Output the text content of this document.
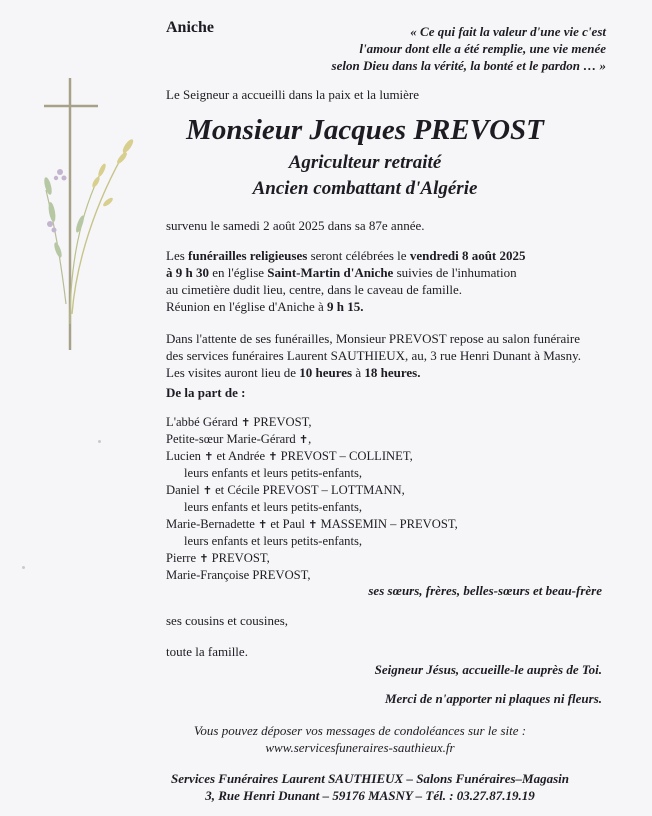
Aniche	« Ce qui fait la valeur d'une vie c'est
l'amour dont elle a été remplie, une vie menée
selon Dieu dans la vérité, la bonté et le pardon … »
Le Seigneur a accueilli dans la paix et la lumière
Monsieur Jacques PREVOST
Agriculteur retraité
Ancien combattant d'Algérie
survenu le samedi 2 août 2025 dans sa 87e année.
Les funérailles religieuses seront célébrées le vendredi 8 août 2025
à 9 h 30 en l'église Saint-Martin d'Aniche suivies de l'inhumation
au cimetière dudit lieu, centre, dans le caveau de famille.
Réunion en l'église d'Aniche à 9 h 15.
Dans l'attente de ses funérailles, Monsieur PREVOST repose au salon funéraire
des services funéraires Laurent SAUTHIEUX, au, 3 rue Henri Dunant à Masny.
Les visites auront lieu de 10 heures à 18 heures.
De la part de :
L'abbé Gérard ✝ PREVOST,
Petite-sœur Marie-Gérard ✝,
Lucien ✝ et Andrée ✝ PREVOST – COLLINET,
leurs enfants et leurs petits-enfants,
Daniel ✝ et Cécile PREVOST – LOTTMANN,
leurs enfants et leurs petits-enfants,
Marie-Bernadette ✝ et Paul ✝ MASSEMIN – PREVOST,
leurs enfants et leurs petits-enfants,
Pierre ✝ PREVOST,
Marie-Françoise PREVOST,
ses sœurs, frères, belles-sœurs et beau-frère
ses cousins et cousines,
toute la famille.
Seigneur Jésus, accueille-le auprès de Toi.
Merci de n'apporter ni plaques ni fleurs.
Vous pouvez déposer vos messages de condoléances sur le site :
www.servicesfuneraires-sauthieux.fr
Services Funéraires Laurent SAUTHIEUX – Salons Funéraires–Magasin
3, Rue Henri Dunant – 59176 MASNY – Tél. : 03.27.87.19.19
